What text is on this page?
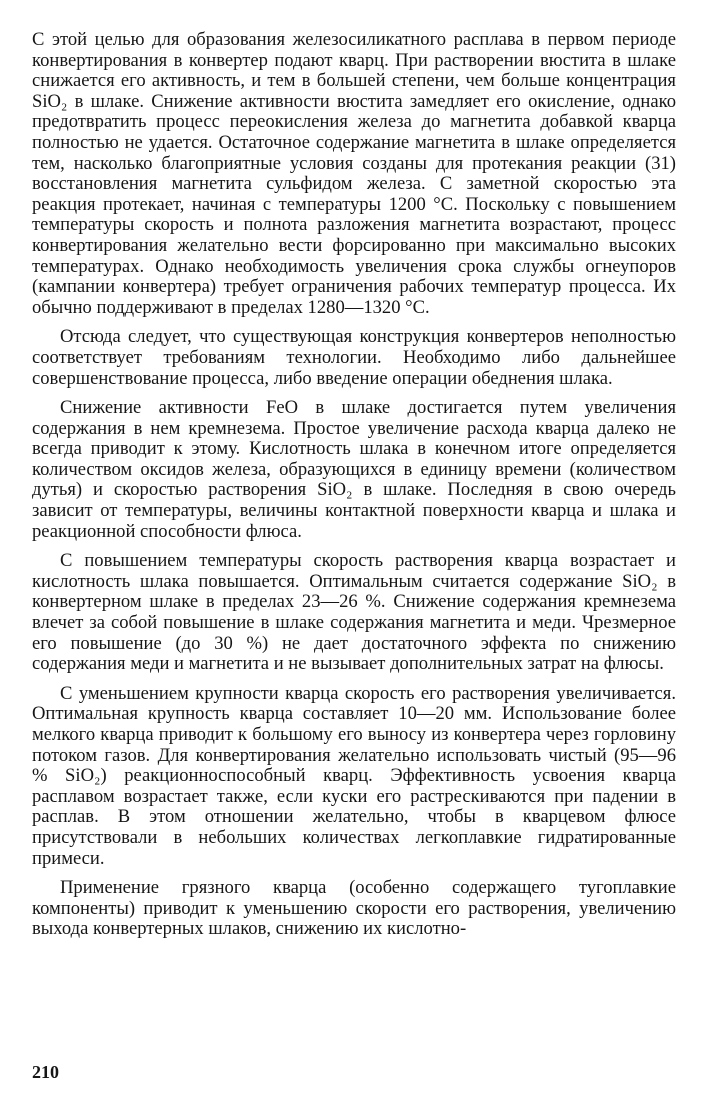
С этой целью для образования железосиликатного расплава в первом периоде конвертирования в конвертер подают кварц. При растворении вюстита в шлаке снижается его активность, и тем в большей степени, чем больше концентрация SiO₂ в шлаке. Снижение активности вюстита замедляет его окисление, однако предотвратить процесс переокисления железа до магнетита добавкой кварца полностью не удается. Остаточное содержание магнетита в шлаке определяется тем, насколько благоприятные условия созданы для протекания реакции (31) восстановления магнетита сульфидом железа. С заметной скоростью эта реакция протекает, начиная с температуры 1200 °С. Поскольку с повышением температуры скорость и полнота разложения магнетита возрастают, процесс конвертирования желательно вести форсированно при максимально высоких температурах. Однако необходимость увеличения срока службы огнеупоров (кампании конвертера) требует ограничения рабочих температур процесса. Их обычно поддерживают в пределах 1280—1320 °С.

Отсюда следует, что существующая конструкция конвертеров неполностью соответствует требованиям технологии. Необходимо либо дальнейшее совершенствование процесса, либо введение операции обеднения шлака.

Снижение активности FeO в шлаке достигается путем увеличения содержания в нем кремнезема. Простое увеличение расхода кварца далеко не всегда приводит к этому. Кислотность шлака в конечном итоге определяется количеством оксидов железа, образующихся в единицу времени (количеством дутья) и скоростью растворения SiO₂ в шлаке. Последняя в свою очередь зависит от температуры, величины контактной поверхности кварца и шлака и реакционной способности флюса.

С повышением температуры скорость растворения кварца возрастает и кислотность шлака повышается. Оптимальным считается содержание SiO₂ в конвертерном шлаке в пределах 23—26 %. Снижение содержания кремнезема влечет за собой повышение в шлаке содержания магнетита и меди. Чрезмерное его повышение (до 30 %) не дает достаточного эффекта по снижению содержания меди и магнетита и не вызывает дополнительных затрат на флюсы.

С уменьшением крупности кварца скорость его растворения увеличивается. Оптимальная крупность кварца составляет 10—20 мм. Использование более мелкого кварца приводит к большому его выносу из конвертера через горловину потоком газов. Для конвертирования желательно использовать чистый (95—96 % SiO₂) реакционноспособный кварц. Эффективность усвоения кварца расплавом возрастает также, если куски его растрескиваются при падении в расплав. В этом отношении желательно, чтобы в кварцевом флюсе присутствовали в небольших количествах легкоплавкие гидратированные примеси.

Применение грязного кварца (особенно содержащего тугоплавкие компоненты) приводит к уменьшению скорости его растворения, увеличению выхода конвертерных шлаков, снижению их кислотно-

210
